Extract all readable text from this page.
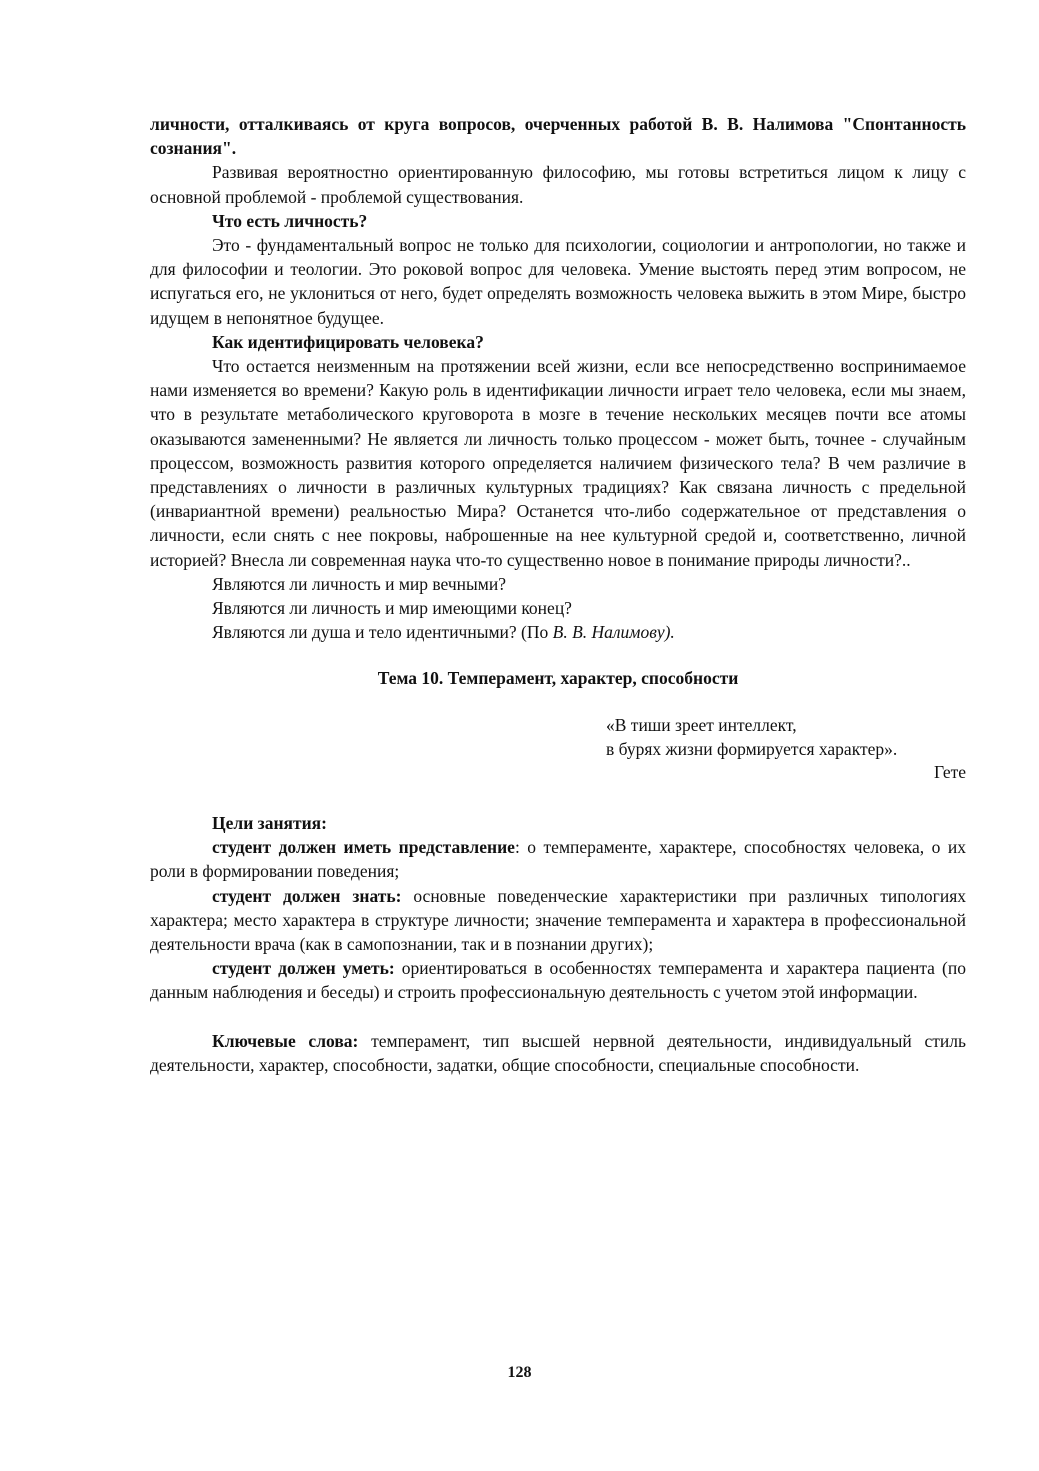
личности, отталкиваясь от круга вопросов, очерченных работой В. В. Налимова "Спонтанность сознания".

Развивая вероятностно ориентированную философию, мы готовы встретиться лицом к лицу с основной проблемой - проблемой существования.

Что есть личность?

Это - фундаментальный вопрос не только для психологии, социологии и антропологии, но также и для философии и теологии. Это роковой вопрос для человека. Умение выстоять перед этим вопросом, не испугаться его, не уклониться от него, будет определять возможность человека выжить в этом Мире, быстро идущем в непонятное будущее.

Как идентифицировать человека?

Что остается неизменным на протяжении всей жизни, если все непосредственно воспринимаемое нами изменяется во времени? Какую роль в идентификации личности играет тело человека, если мы знаем, что в результате метаболического круговорота в мозге в течение нескольких месяцев почти все атомы оказываются замененными? Не является ли личность только процессом - может быть, точнее - случайным процессом, возможность развития которого определяется наличием физического тела? В чем различие в представлениях о личности в различных культурных традициях? Как связана личность с предельной (инвариантной времени) реальностью Мира? Останется что-либо содержательное от представления о личности, если снять с нее покровы, наброшенные на нее культурной средой и, соответственно, личной историей? Внесла ли современная наука что-то существенно новое в понимание природы личности?..

Являются ли личность и мир вечными?

Являются ли личность и мир имеющими конец?

Являются ли душа и тело идентичными? (По В. В. Налимову).

Тема 10. Темперамент, характер, способности

«В тиши зреет интеллект,
в бурях жизни формируется характер».
Гете

Цели занятия:

студент должен иметь представление: о темпераменте, характере, способностях человека, о их роли в формировании поведения;

студент должен знать: основные поведенческие характеристики при различных типологиях характера; место характера в структуре личности; значение темперамента и характера в профессиональной деятельности врача (как в самопознании, так и в познании других);

студент должен уметь: ориентироваться в особенностях темперамента и характера пациента (по данным наблюдения и беседы) и строить профессиональную деятельность с учетом этой информации.

Ключевые слова: темперамент, тип высшей нервной деятельности, индивидуальный стиль деятельности, характер, способности, задатки, общие способности, специальные способности.

128
